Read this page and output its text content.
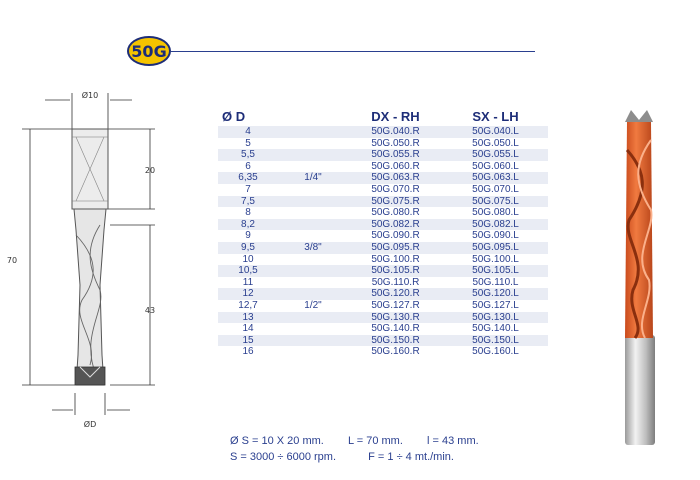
50G
Ø10
ØD
70
20
43
Ø D	DX - RH	SX - LH
4	50G.040.R	50G.040.L
5	50G.050.R	50G.050.L
5,5	50G.055.R	50G.055.L
6	50G.060.R	50G.060.L
6,35	1/4"	50G.063.R	50G.063.L
7	50G.070.R	50G.070.L
7,5	50G.075.R	50G.075.L
8	50G.080.R	50G.080.L
8,2	50G.082.R	50G.082.L
9	50G.090.R	50G.090.L
9,5	3/8"	50G.095.R	50G.095.L
10	50G.100.R	50G.100.L
10,5	50G.105.R	50G.105.L
11	50G.110.R	50G.110.L
12	50G.120.R	50G.120.L
12,7	1/2"	50G.127.R	50G.127.L
13	50G.130.R	50G.130.L
14	50G.140.R	50G.140.L
15	50G.150.R	50G.150.L
16	50G.160.R	50G.160.L
Ø S = 10 X 20 mm. L = 70 mm. l = 43 mm.
S = 3000 ÷ 6000 rpm.	F = 1 ÷ 4 mt./min.
